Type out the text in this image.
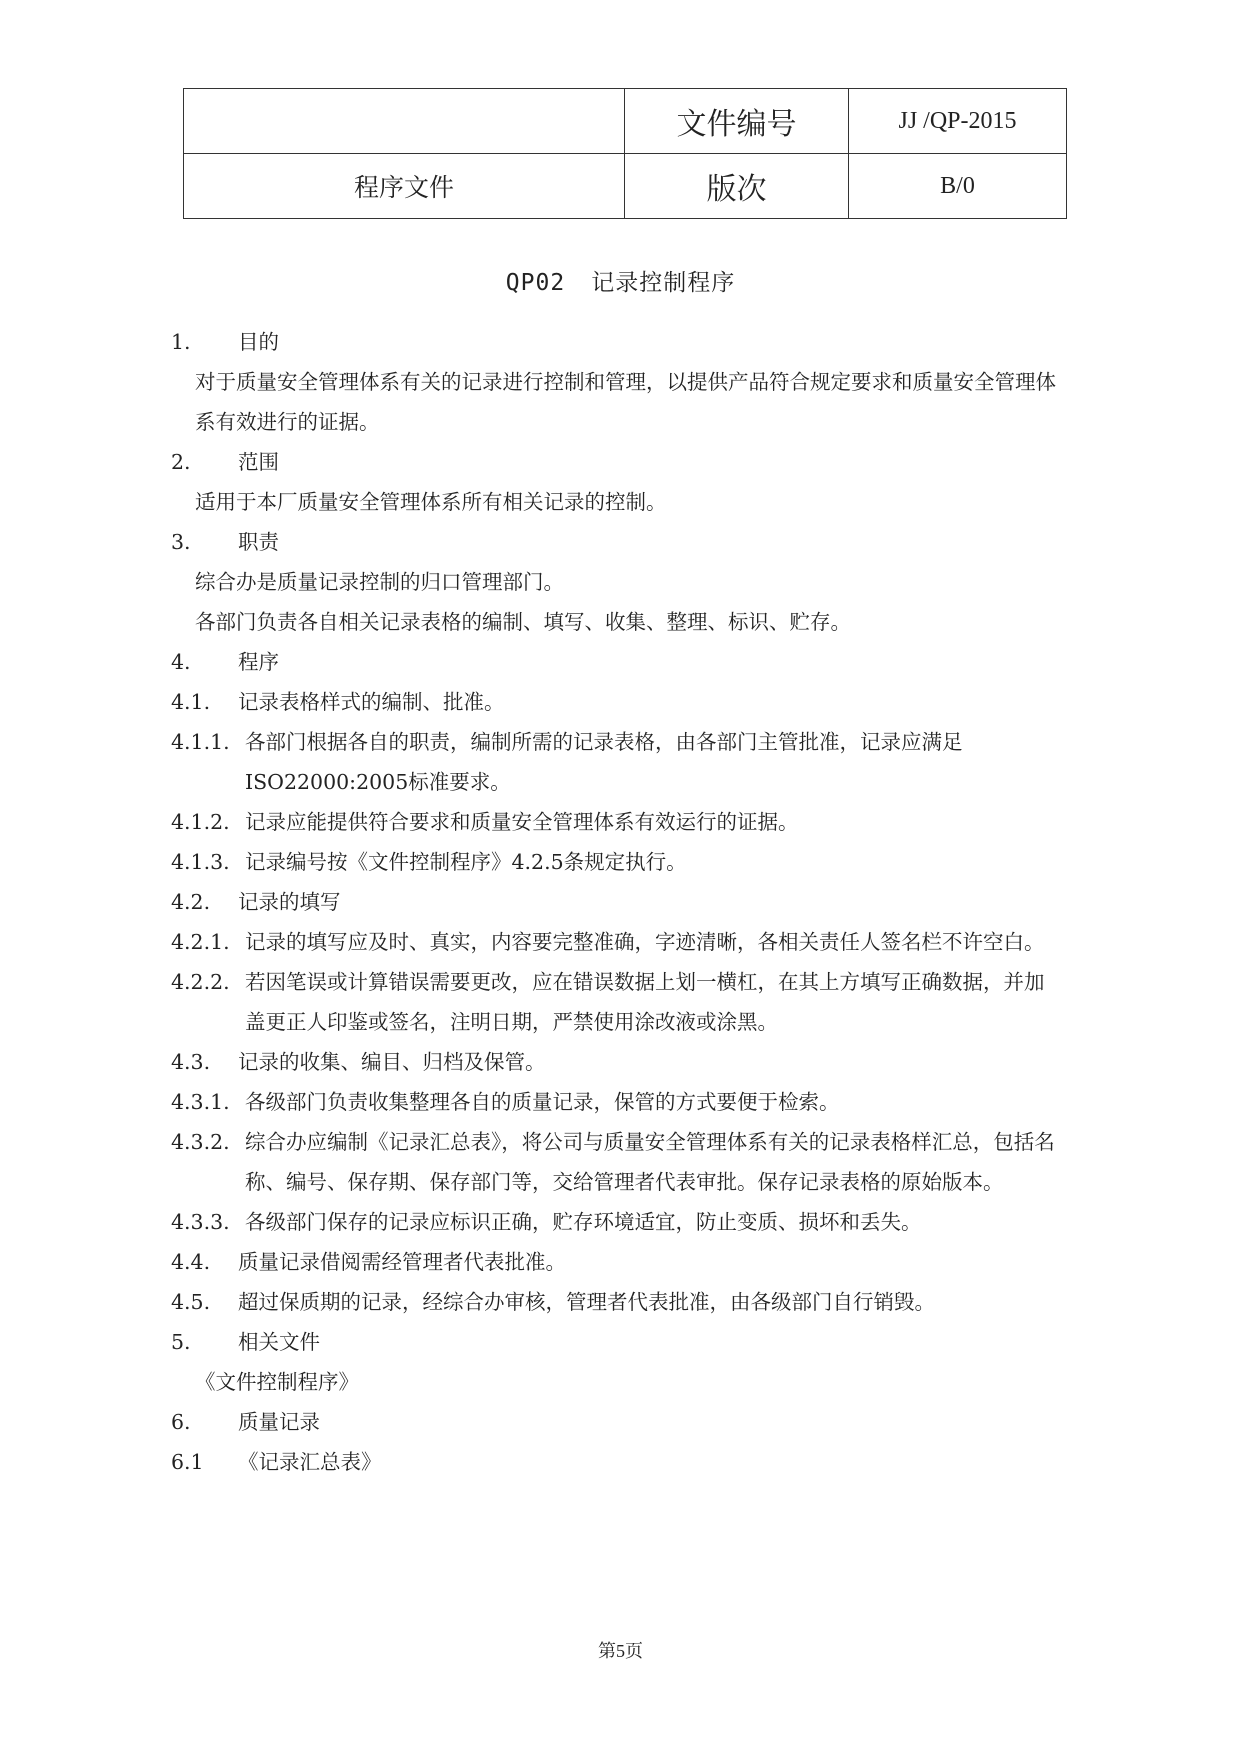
	文件编号	JJ /QP-2015
程序文件	版次	B/0
QP02 记录控制程序
1. 目的
对于质量安全管理体系有关的记录进行控制和管理，以提供产品符合规定要求和质量安全管理体
系有效进行的证据。
2. 范围
适用于本厂质量安全管理体系所有相关记录的控制。
3. 职责
综合办是质量记录控制的归口管理部门。
各部门负责各自相关记录表格的编制、填写、收集、整理、标识、贮存。
4. 程序
4.1. 记录表格样式的编制、批准。
4.1.1. 各部门根据各自的职责，编制所需的记录表格，由各部门主管批准，记录应满足
ISO22000:2005标准要求。
4.1.2. 记录应能提供符合要求和质量安全管理体系有效运行的证据。
4.1.3. 记录编号按《文件控制程序》4.2.5条规定执行。
4.2. 记录的填写
4.2.1. 记录的填写应及时、真实，内容要完整准确，字迹清晰，各相关责任人签名栏不许空白。
4.2.2. 若因笔误或计算错误需要更改，应在错误数据上划一横杠，在其上方填写正确数据，并加
盖更正人印鉴或签名，注明日期，严禁使用涂改液或涂黑。
4.3. 记录的收集、编目、归档及保管。
4.3.1. 各级部门负责收集整理各自的质量记录，保管的方式要便于检索。
4.3.2. 综合办应编制《记录汇总表》，将公司与质量安全管理体系有关的记录表格样汇总，包括名
称、编号、保存期、保存部门等，交给管理者代表审批。保存记录表格的原始版本。
4.3.3. 各级部门保存的记录应标识正确，贮存环境适宜，防止变质、损坏和丢失。
4.4. 质量记录借阅需经管理者代表批准。
4.5. 超过保质期的记录，经综合办审核，管理者代表批准，由各级部门自行销毁。
5. 相关文件
《文件控制程序》
6. 质量记录
6.1 《记录汇总表》
第5页
